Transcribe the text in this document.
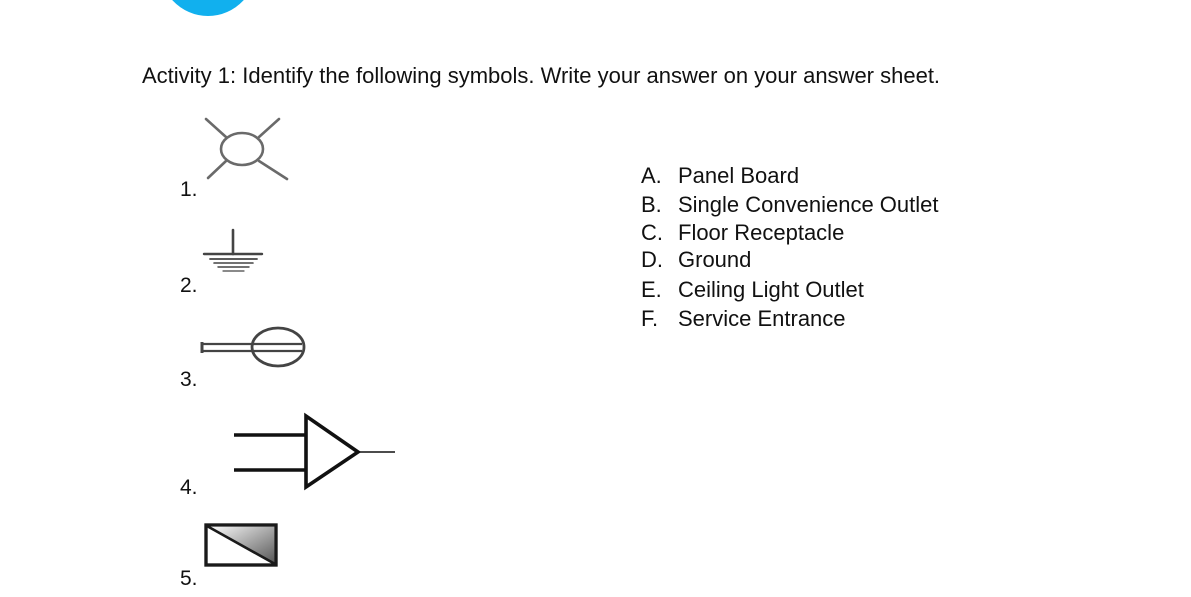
Activity 1: Identify the following symbols. Write your answer on your answer sheet.
1.
2.
3.
4.
5.
A. Panel Board
B. Single Convenience Outlet
C. Floor Receptacle
D. Ground
E. Ceiling Light Outlet
F. Service Entrance
